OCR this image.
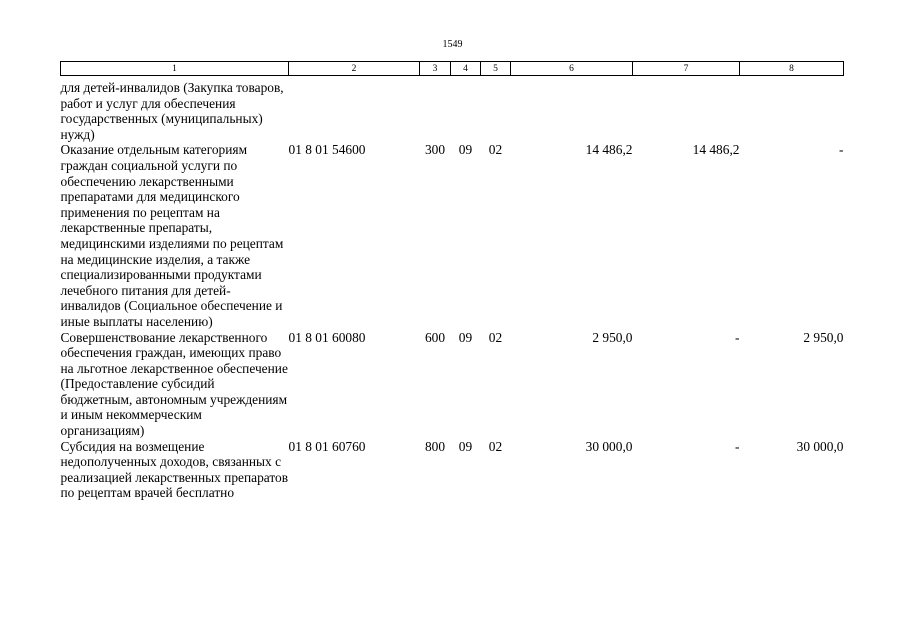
1549
1	2	3	4	5	6	7	8
для детей-инвалидов (Закупка товаров, работ и услуг для обеспечения государственных (муниципальных) нужд)							
Оказание отдельным категориям граждан социальной услуги по обеспечению лекарственными препаратами для медицинского применения по рецептам на лекарственные препараты, медицинскими изделиями по рецептам на медицинские изделия, а также специализированными продуктами лечебного питания для детей-инвалидов (Социальное обеспечение и иные выплаты населению)	01 8 01 54600	300	09	02	14 486,2	14 486,2	-
Совершенствование лекарственного обеспечения граждан, имеющих право на льготное лекарственное обеспечение (Предоставление субсидий бюджетным, автономным учреждениям и иным некоммерческим организациям)	01 8 01 60080	600	09	02	2 950,0	-	2 950,0
Субсидия на возмещение недополученных доходов, связанных с реализацией лекарственных препаратов по рецептам врачей бесплатно	01 8 01 60760	800	09	02	30 000,0	-	30 000,0
